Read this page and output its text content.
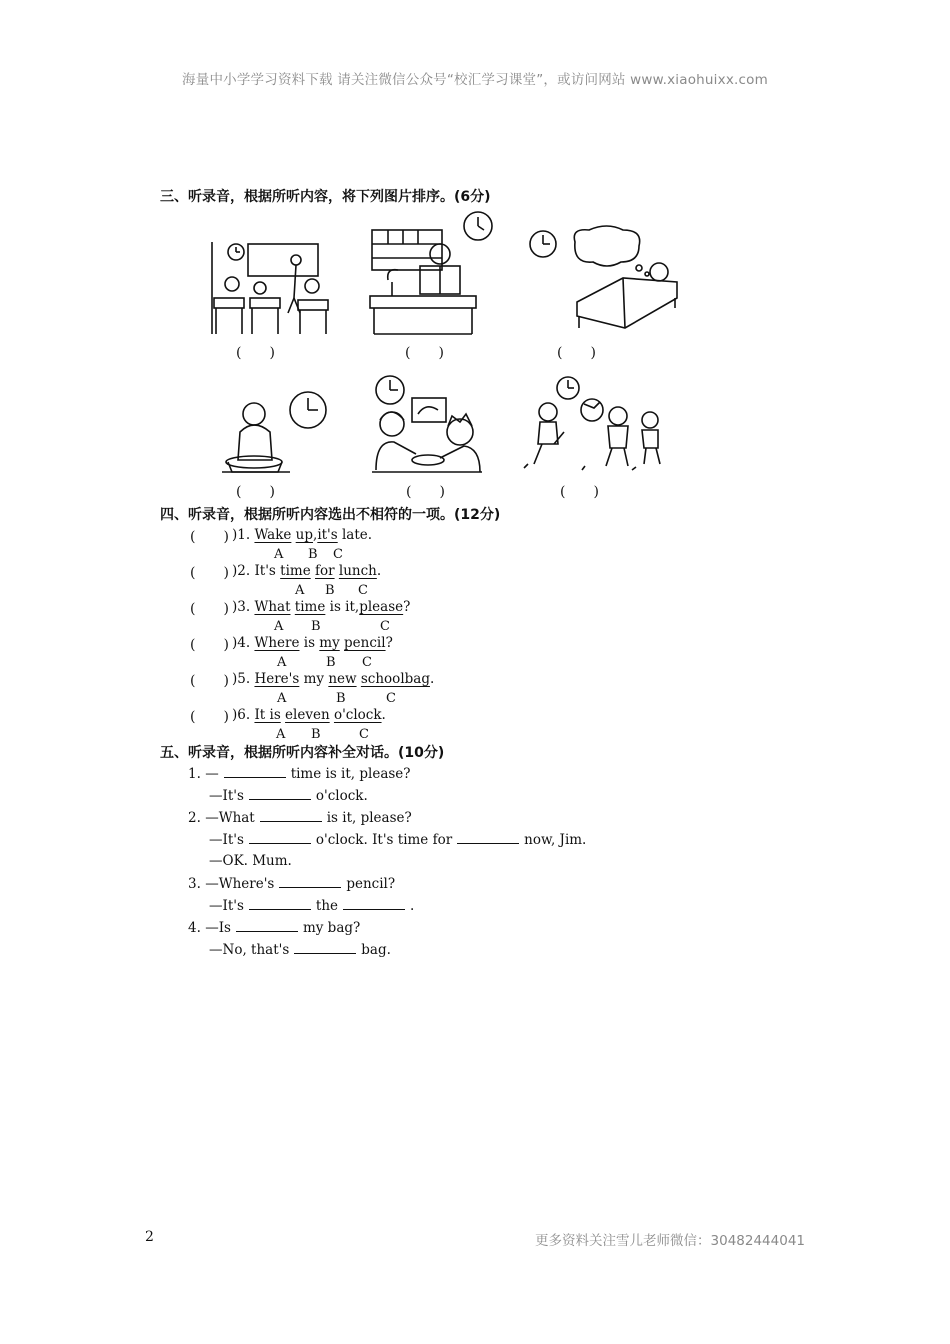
海量中小学学习资料下载 请关注微信公众号“校汇学习课堂”，或访问网站 www.xiaohuixx.com
三、听录音，根据所听内容，将下列图片排序。(6分)
(　　)	(　　)	(　　)
(　　)	(　　)	(　　)
四、听录音，根据所听内容选出不相符的一项。(12分)
(　　) )1. Wake up,it's late.
A B C
(　　) )2. It's time for lunch.
A B C
(　　) )3. What time is it,please?
A B	C
(　　) )4. Where is my pencil?
A	B C
(　　) )5. Here's my new schoolbag.
A	B	C
(　　) )6. It is eleven o'clock.
A B	C
五、听录音，根据所听内容补全对话。(10分)
1. —	time is it, please?
—It's	o'clock.
2. —What	is it, please?
—It's	o'clock. It's time for	now, Jim.
—OK. Mum.
3. —Where's	pencil?
—It's	the	.
4. —Is	my bag?
—No, that's	bag.
2	更多资料关注雪儿老师微信：30482444041
